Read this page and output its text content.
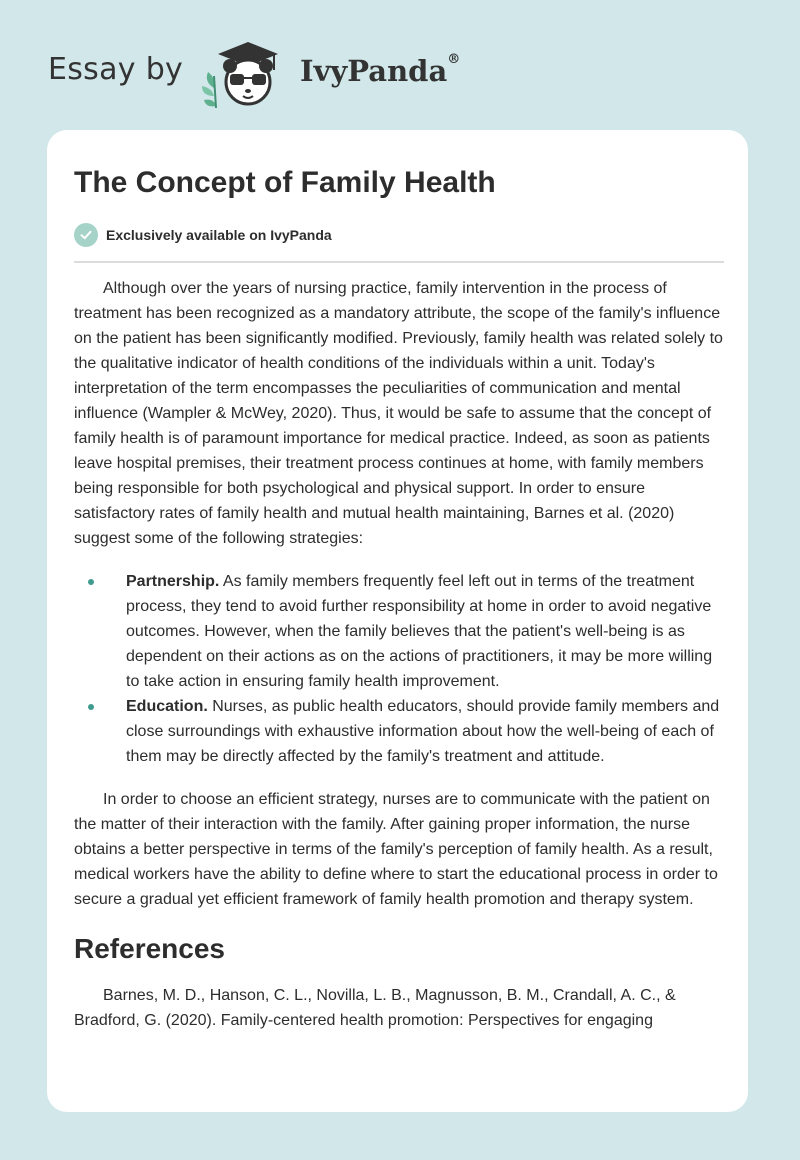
Essay by	IvyPanda®
The Concept of Family Health
Exclusively available on IvyPanda

Although over the years of nursing practice, family intervention in the process of treatment has been recognized as a mandatory attribute, the scope of the family's influence on the patient has been significantly modified. Previously, family health was related solely to the qualitative indicator of health conditions of the individuals within a unit. Today's interpretation of the term encompasses the peculiarities of communication and mental influence (Wampler & McWey, 2020). Thus, it would be safe to assume that the concept of family health is of paramount importance for medical practice. Indeed, as soon as patients leave hospital premises, their treatment process continues at home, with family members being responsible for both psychological and physical support. In order to ensure satisfactory rates of family health and mutual health maintaining, Barnes et al. (2020) suggest some of the following strategies:

Partnership. As family members frequently feel left out in terms of the treatment process, they tend to avoid further responsibility at home in order to avoid negative outcomes. However, when the family believes that the patient's well-being is as dependent on their actions as on the actions of practitioners, it may be more willing to take action in ensuring family health improvement.
Education. Nurses, as public health educators, should provide family members and close surroundings with exhaustive information about how the well-being of each of them may be directly affected by the family's treatment and attitude.

In order to choose an efficient strategy, nurses are to communicate with the patient on the matter of their interaction with the family. After gaining proper information, the nurse obtains a better perspective in terms of the family's perception of family health. As a result, medical workers have the ability to define where to start the educational process in order to secure a gradual yet efficient framework of family health promotion and therapy system.

References

Barnes, M. D., Hanson, C. L., Novilla, L. B., Magnusson, B. M., Crandall, A. C., & Bradford, G. (2020). Family-centered health promotion: Perspectives for engaging
